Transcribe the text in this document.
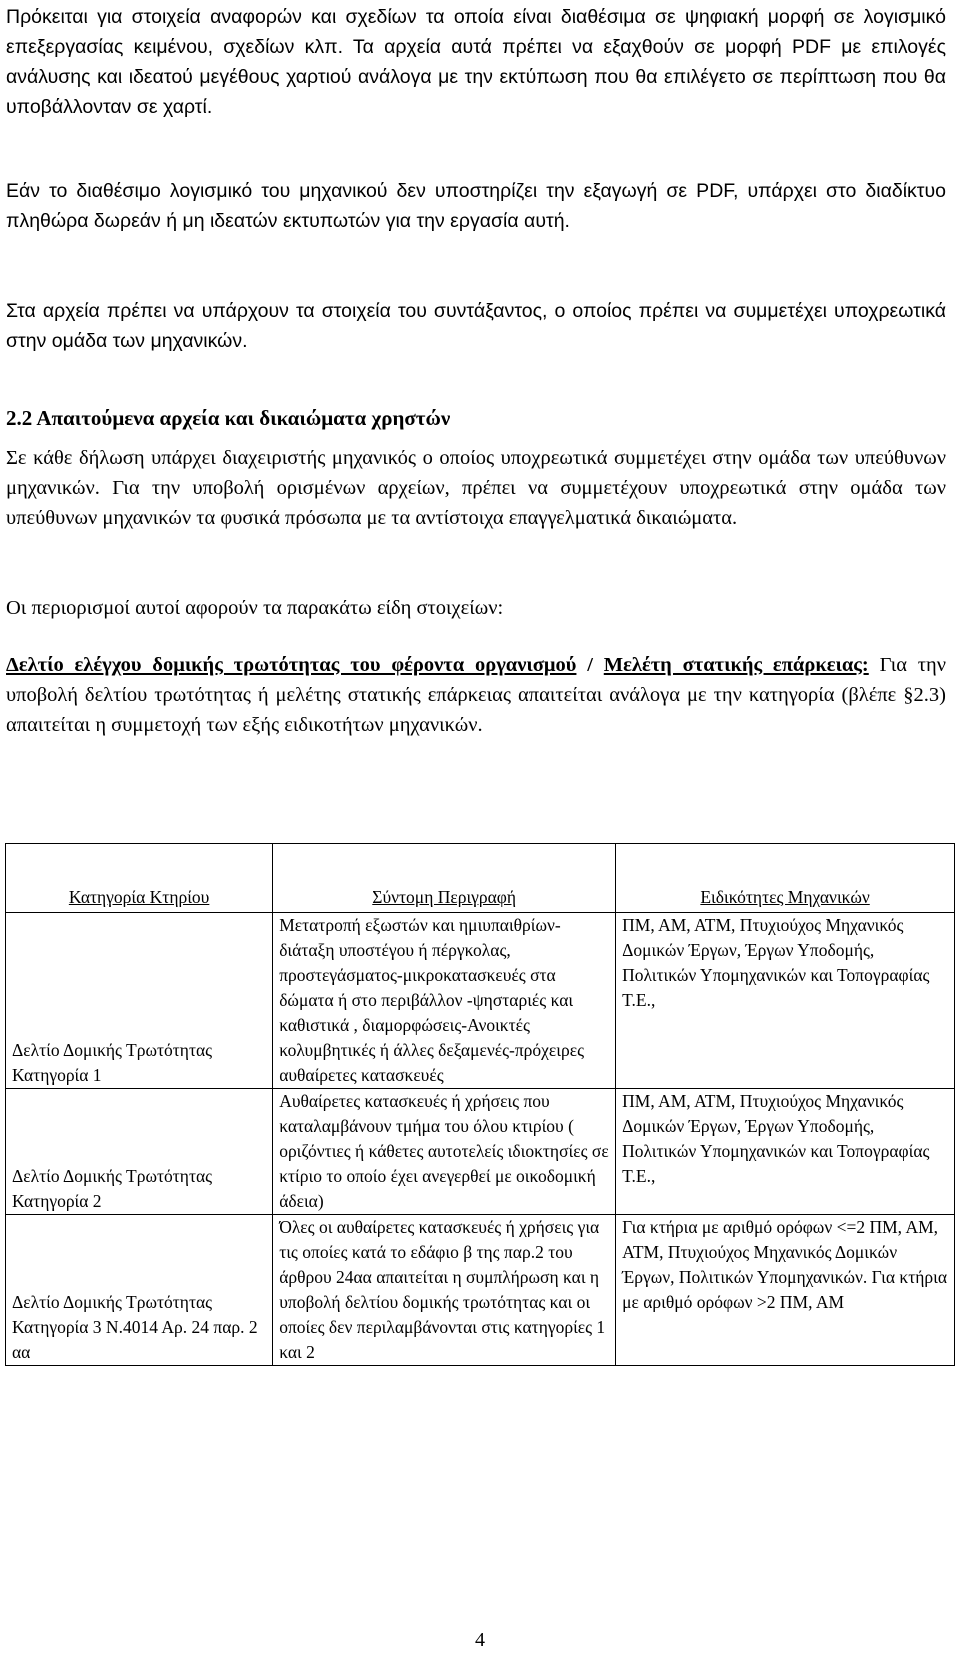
Πρόκειται για στοιχεία αναφορών και σχεδίων τα οποία είναι διαθέσιμα σε ψηφιακή μορφή σε λογισμικό επεξεργασίας κειμένου, σχεδίων κλπ. Τα αρχεία αυτά πρέπει να εξαχθούν σε μορφή PDF με επιλογές ανάλυσης και ιδεατού μεγέθους χαρτιού ανάλογα με την εκτύπωση που θα επιλέγετο σε περίπτωση που θα υποβάλλονταν σε χαρτί.

Εάν το διαθέσιμο λογισμικό του μηχανικού δεν υποστηρίζει την εξαγωγή σε PDF, υπάρχει στο διαδίκτυο πληθώρα δωρεάν ή μη ιδεατών εκτυπωτών για την εργασία αυτή.

Στα αρχεία πρέπει να υπάρχουν τα στοιχεία του συντάξαντος, ο οποίος πρέπει να συμμετέχει υποχρεωτικά στην ομάδα των μηχανικών.

2.2 Απαιτούμενα αρχεία και δικαιώματα χρηστών

Σε κάθε δήλωση υπάρχει διαχειριστής μηχανικός ο οποίος υποχρεωτικά συμμετέχει στην ομάδα των υπεύθυνων μηχανικών. Για την υποβολή ορισμένων αρχείων, πρέπει να συμμετέχουν υποχρεωτικά στην ομάδα των υπεύθυνων μηχανικών τα φυσικά πρόσωπα με τα αντίστοιχα επαγγελματικά δικαιώματα.

Οι περιορισμοί αυτοί αφορούν τα παρακάτω είδη στοιχείων:

Δελτίο ελέγχου δομικής τρωτότητας του φέροντα οργανισμού / Μελέτη στατικής επάρκειας: Για την υποβολή δελτίου τρωτότητας ή μελέτης στατικής επάρκειας απαιτείται ανάλογα με την κατηγορία (βλέπε §2.3) απαιτείται η συμμετοχή των εξής ειδικοτήτων μηχανικών.

Κατηγορία Κτηρίου	Σύντομη Περιγραφή	Ειδικότητες Μηχανικών
Δελτίο Δομικής Τρωτότητας Κατηγορία 1	Μετατροπή εξωστών και ημιυπαιθρίων-διάταξη υποστέγου ή πέργκολας, προστεγάσματος-μικροκατασκευές στα δώματα ή στο περιβάλλον -ψησταριές και καθιστικά , διαμορφώσεις-Ανοικτές κολυμβητικές ή άλλες δεξαμενές-πρόχειρες αυθαίρετες κατασκευές	ΠΜ, ΑΜ, ΑΤΜ, Πτυχιούχος Μηχανικός Δομικών Έργων, Έργων Υποδομής, Πολιτικών Υπομηχανικών και Τοπογραφίας Τ.Ε.,
Δελτίο Δομικής Τρωτότητας Κατηγορία 2	Αυθαίρετες κατασκευές ή χρήσεις που καταλαμβάνουν τμήμα του όλου κτιρίου ( οριζόντιες ή κάθετες αυτοτελείς ιδιοκτησίες σε κτίριο το οποίο έχει ανεγερθεί με οικοδομική άδεια)	ΠΜ, ΑΜ, ΑΤΜ, Πτυχιούχος Μηχανικός Δομικών Έργων, Έργων Υποδομής, Πολιτικών Υπομηχανικών και Τοπογραφίας Τ.Ε.,
Δελτίο Δομικής Τρωτότητας Κατηγορία 3 Ν.4014 Αρ. 24 παρ. 2 αα	Όλες οι αυθαίρετες κατασκευές ή χρήσεις για τις οποίες κατά το εδάφιο β της παρ.2 του άρθρου 24αα απαιτείται η συμπλήρωση και η υποβολή δελτίου δομικής τρωτότητας και οι οποίες δεν περιλαμβάνονται στις κατηγορίες 1 και 2	Για κτήρια με αριθμό ορόφων <=2 ΠΜ, ΑΜ, ΑΤΜ, Πτυχιούχος Μηχανικός Δομικών Έργων, Πολιτικών Υπομηχανικών. Για κτήρια με αριθμό ορόφων >2 ΠΜ, ΑΜ
4
